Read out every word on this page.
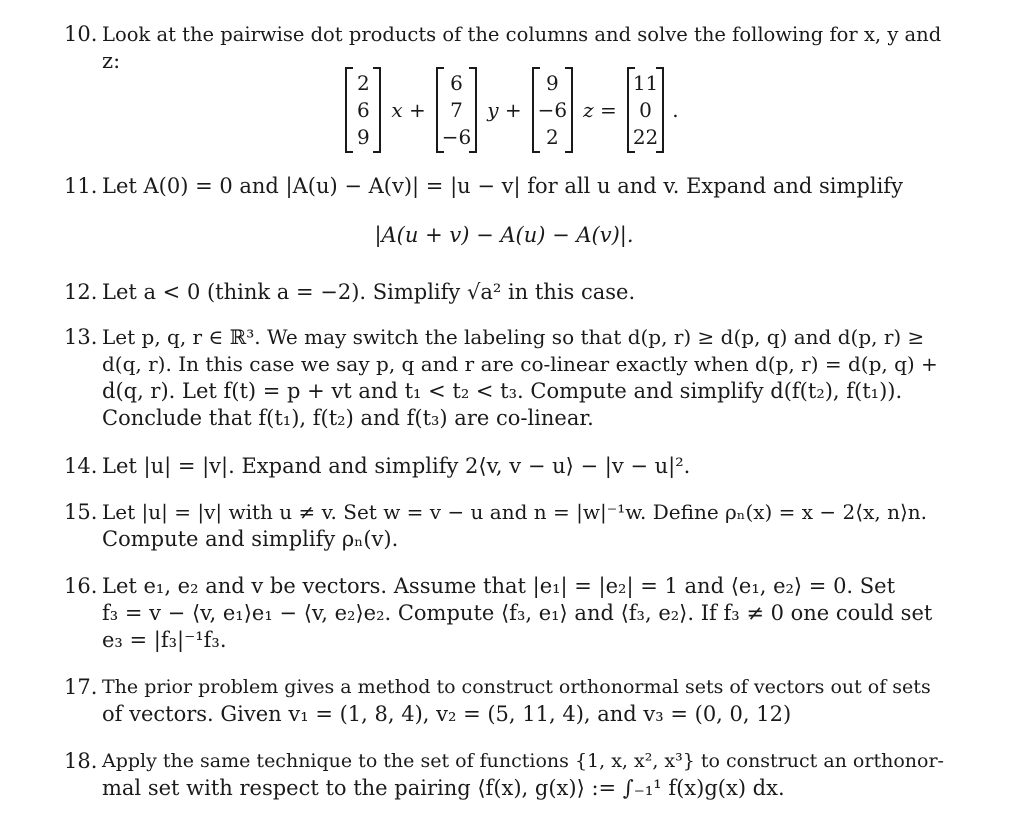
10. Look at the pairwise dot products of the columns and solve the following for x, y and
z:
2
6
9
x +
6
7
−6
y +
9
−6
2
z =
11
0
22
.
11. Let A(0) = 0 and |A(u) − A(v)| = |u − v| for all u and v. Expand and simplify
|A(u + v) − A(u) − A(v)|.
12. Let a < 0 (think a = −2). Simplify √a² in this case.
13. Let p, q, r ∈ ℝ³. We may switch the labeling so that d(p, r) ≥ d(p, q) and d(p, r) ≥
d(q, r). In this case we say p, q and r are co-linear exactly when d(p, r) = d(p, q) +
d(q, r). Let f(t) = p + vt and t₁ < t₂ < t₃. Compute and simplify d(f(t₂), f(t₁)).
Conclude that f(t₁), f(t₂) and f(t₃) are co-linear.
14. Let |u| = |v|. Expand and simplify 2⟨v, v − u⟩ − |v − u|².
15. Let |u| = |v| with u ≠ v. Set w = v − u and n = |w|⁻¹w. Define ρₙ(x) = x − 2⟨x, n⟩n.
Compute and simplify ρₙ(v).
16. Let e₁, e₂ and v be vectors. Assume that |e₁| = |e₂| = 1 and ⟨e₁, e₂⟩ = 0. Set
f₃ = v − ⟨v, e₁⟩e₁ − ⟨v, e₂⟩e₂. Compute ⟨f₃, e₁⟩ and ⟨f₃, e₂⟩. If f₃ ≠ 0 one could set
e₃ = |f₃|⁻¹f₃.
17. The prior problem gives a method to construct orthonormal sets of vectors out of sets
of vectors. Given v₁ = (1, 8, 4), v₂ = (5, 11, 4), and v₃ = (0, 0, 12)
18. Apply the same technique to the set of functions {1, x, x², x³} to construct an orthonor-
mal set with respect to the pairing ⟨f(x), g(x)⟩ := ∫₋₁¹ f(x)g(x) dx.
